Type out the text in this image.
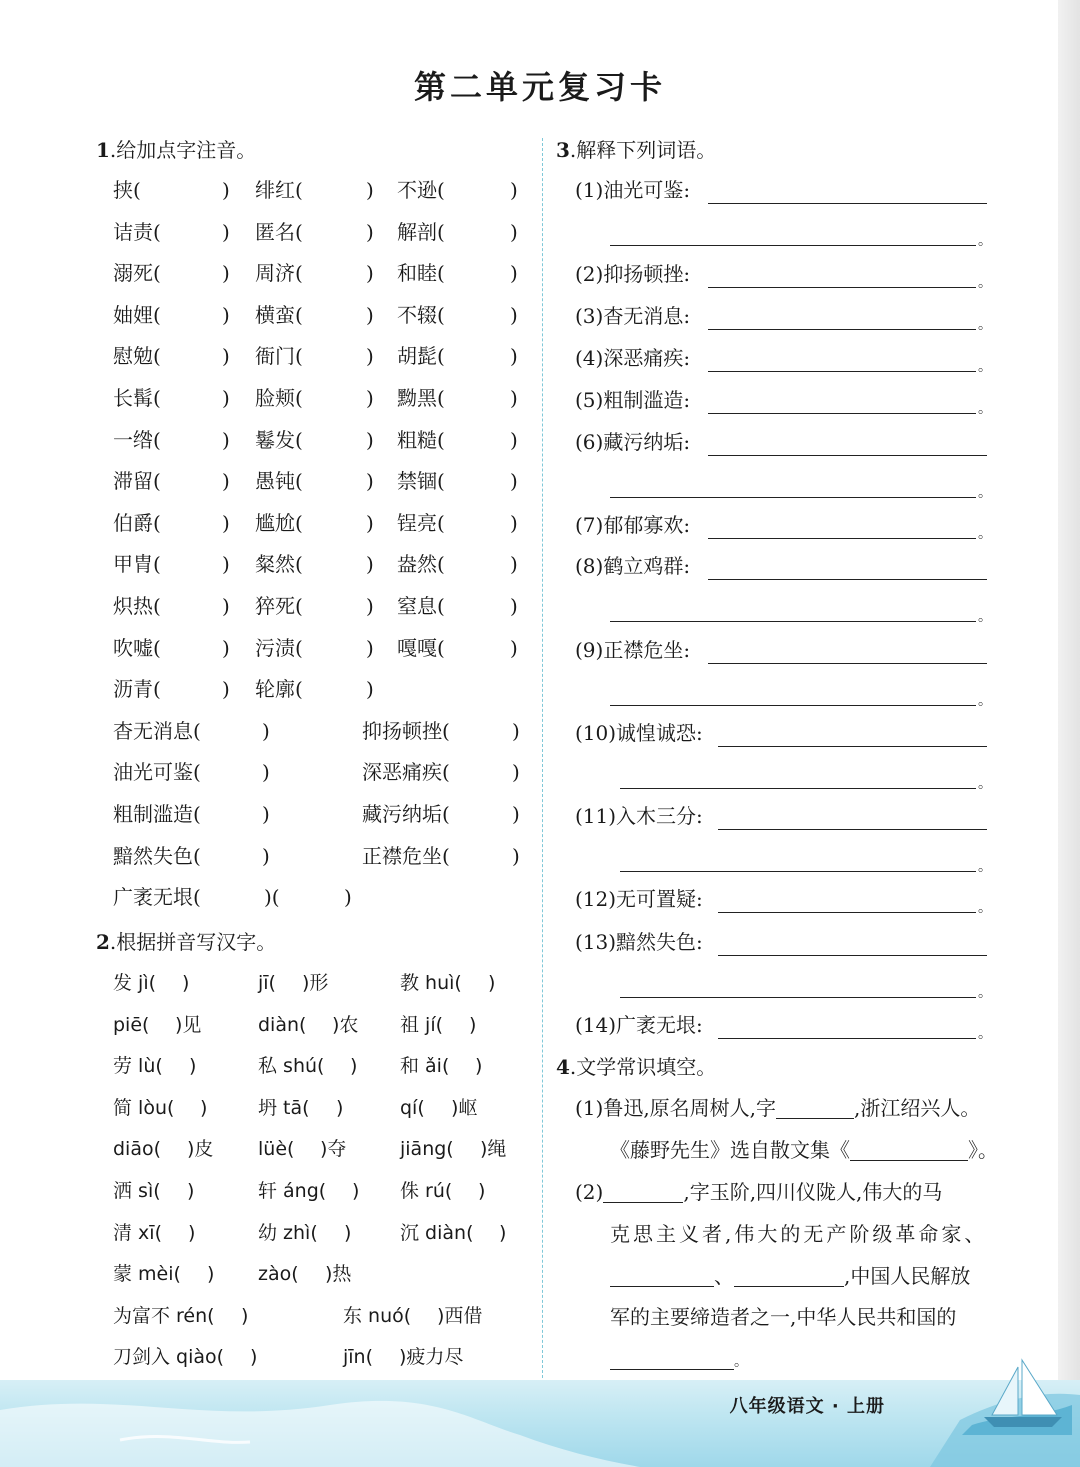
第二单元复习卡
1.给加点字注音。
挟(	) 绯红(	) 不逊(	)
诘责(	) 匿名(	) 解剖(	)
溺死(	) 周济(	) 和睦(	)
妯娌(	) 横蛮(	) 不辍(	)
慰勉(	) 衙门(	) 胡髭(	)
长髯(	) 脸颊(	) 黝黑(	)
一绺(	) 鬈发(	) 粗糙(	)
滞留(	) 愚钝(	) 禁锢(	)
伯爵(	) 尴尬(	) 锃亮(	)
甲胄(	) 粲然(	) 盎然(	)
炽热(	) 猝死(	) 窒息(	)
吹嘘(	) 污渍(	) 嘎嘎(	)
沥青(	) 轮廓(	)
杳无消息(	)	抑扬顿挫(	)
油光可鉴(	)	深恶痛疾(	)
粗制滥造(	)	藏污纳垢(	)
黯然失色(	)	正襟危坐(	)
广袤无垠(	)(	)
2.根据拼音写汉字。
发 jì( )	jī( )形	教 huì( )
piē( )见	diàn( )农 祖 jí( )
劳 lù( )	私 shú( ) 和 ǎi( )
简 lòu( )	坍 tā( )	qí( )岖
diāo( )皮 lüè( )夺	jiāng( )绳
洒 sì( )	轩 áng( ) 侏 rú( )
清 xī( )	幼 zhì( )	沉 diàn( )
蒙 mèi( ) zào( )热
为富不 rén( )	东 nuó( )西借
刀剑入 qiào( )	jīn( )疲力尽
3.解释下列词语。
(1)油光可鉴:
。
(2)抑扬顿挫:	。
(3)杳无消息:	。
(4)深恶痛疾:	。
(5)粗制滥造:	。
(6)藏污纳垢:
。
(7)郁郁寡欢:	。
(8)鹤立鸡群:
。
(9)正襟危坐:
。
(10)诚惶诚恐:
。
(11)入木三分:
。
(12)无可置疑:	。
(13)黯然失色:
。
(14)广袤无垠:	。
4.文学常识填空。
(1)鲁迅,原名周树人,字	,浙江绍兴人。
《藤野先生》选自散文集《	》。
(2)	,字玉阶,四川仪陇人,伟大的马
克思主义者,伟大的无产阶级革命家、
、	,中国人民解放
军的主要缔造者之一,中华人民共和国的
。
八年级语文 · 上册
